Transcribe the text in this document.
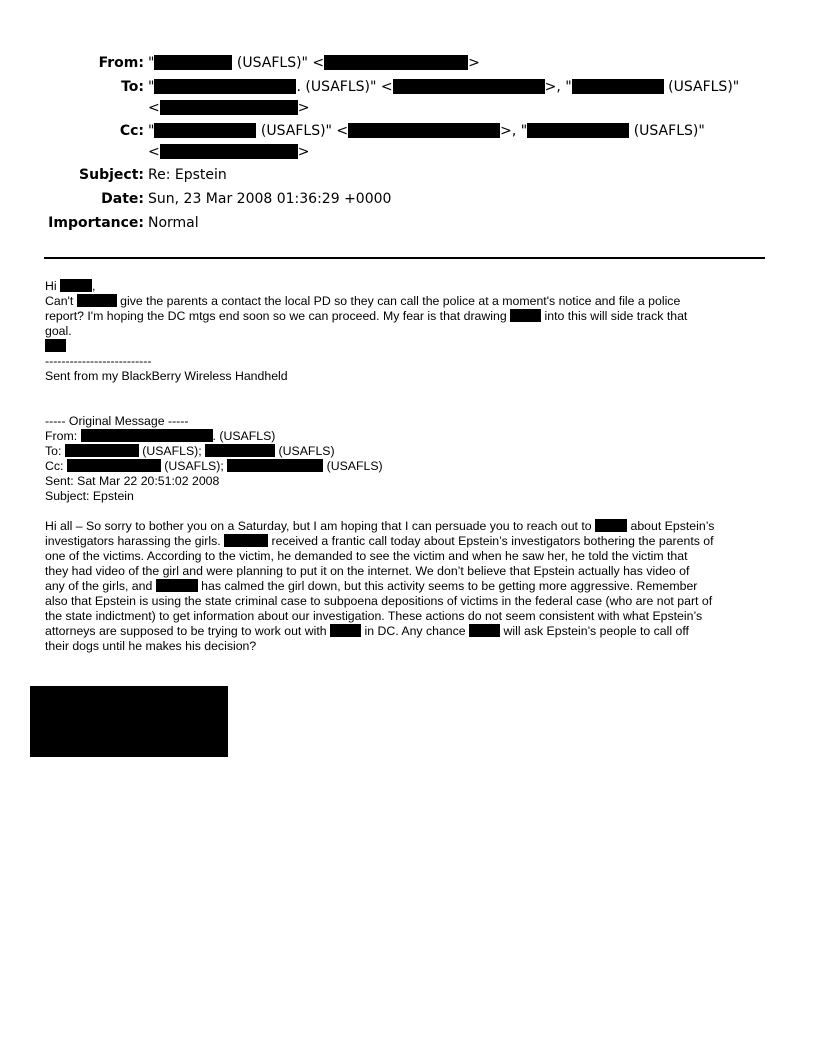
From: "	(USAFLS)" <	>
To: "	. (USAFLS)" <	>, "	(USAFLS)"
<	>
Cc: "	(USAFLS)" <	>, "	(USAFLS)"
<	>
Subject: Re: Epstein
Date: Sun, 23 Mar 2008 01:36:29 +0000
Importance: Normal
Hi	,
Can't	give the parents a contact the local PD so they can call the police at a moment's notice and file a police
report? I'm hoping the DC mtgs end soon so we can proceed. My fear is that drawing	into this will side track that
goal.
--------------------------
Sent from my BlackBerry Wireless Handheld
----- Original Message -----
From:	. (USAFLS)
To:	(USAFLS);	(USAFLS)
Cc:	(USAFLS);	(USAFLS)
Sent: Sat Mar 22 20:51:02 2008
Subject: Epstein
Hi all – So sorry to bother you on a Saturday, but I am hoping that I can persuade you to reach out to	about Epstein’s
investigators harassing the girls.	received a frantic call today about Epstein’s investigators bothering the parents of
one of the victims. According to the victim, he demanded to see the victim and when he saw her, he told the victim that
they had video of the girl and were planning to put it on the internet. We don’t believe that Epstein actually has video of
any of the girls, and	has calmed the girl down, but this activity seems to be getting more aggressive. Remember
also that Epstein is using the state criminal case to subpoena depositions of victims in the federal case (who are not part of
the state indictment) to get information about our investigation. These actions do not seem consistent with what Epstein’s
attorneys are supposed to be trying to work out with	in DC. Any chance	will ask Epstein’s people to call off
their dogs until he makes his decision?
